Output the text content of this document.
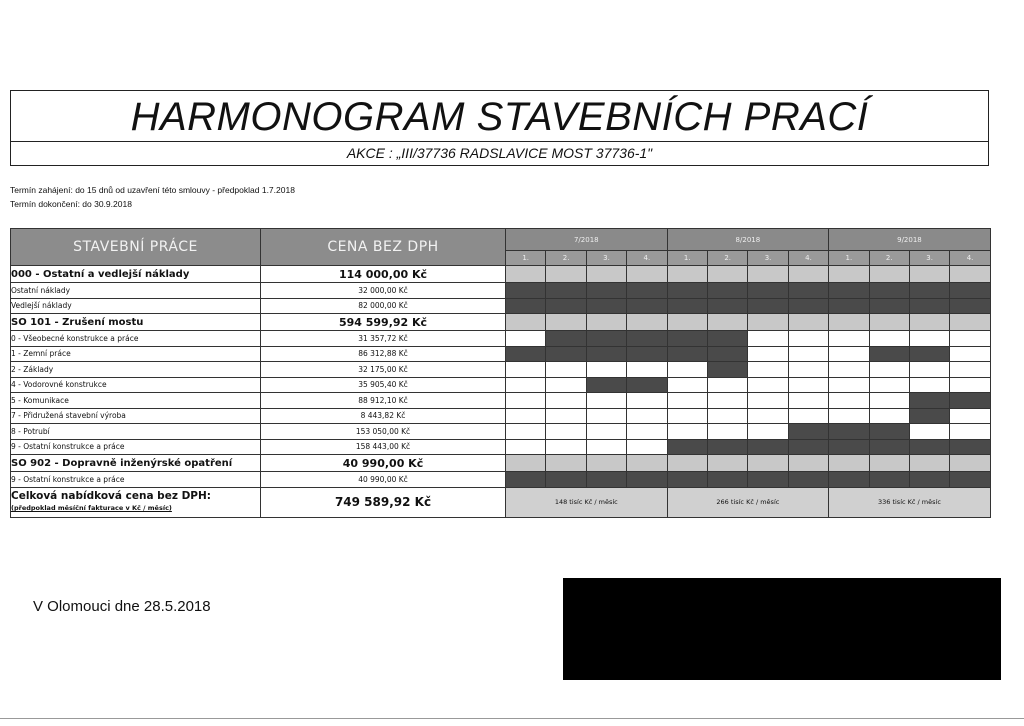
HARMONOGRAM STAVEBNÍCH PRACÍ
AKCE : „III/37736 RADSLAVICE MOST 37736-1"
Termín zahájení: do 15 dnů od uzavření této smlouvy - předpoklad 1.7.2018
Termín dokončení: do 30.9.2018
STAVEBNÍ PRÁCE	CENA BEZ DPH	7/2018				8/2018				9/2018			
		1.	2.	3.	4.	1.	2.	3.	4.	1.	2.	3.	4.
000 - Ostatní a vedlejší náklady	114 000,00 Kč												
Ostatní náklady	32 000,00 Kč												
Vedlejší náklady	82 000,00 Kč												
SO 101 - Zrušení mostu	594 599,92 Kč												
0 - Všeobecné konstrukce a práce	31 357,72 Kč												
1 - Zemní práce	86 312,88 Kč												
2 - Základy	32 175,00 Kč												
4 - Vodorovné konstrukce	35 905,40 Kč												
5 - Komunikace	88 912,10 Kč												
7 - Přidružená stavební výroba	8 443,82 Kč												
8 - Potrubí	153 050,00 Kč												
9 - Ostatní konstrukce a práce	158 443,00 Kč												
SO 902 - Dopravně inženýrské opatření	40 990,00 Kč												
9 - Ostatní konstrukce a práce	40 990,00 Kč												
Celková nabídková cena bez DPH:
(předpoklad měsíční fakturace v Kč / měsíc)	749 589,92 Kč	148 tisíc Kč / měsíc				266 tisíc Kč / měsíc				336 tisíc Kč / měsíc			
V Olomouci dne 28.5.2018
